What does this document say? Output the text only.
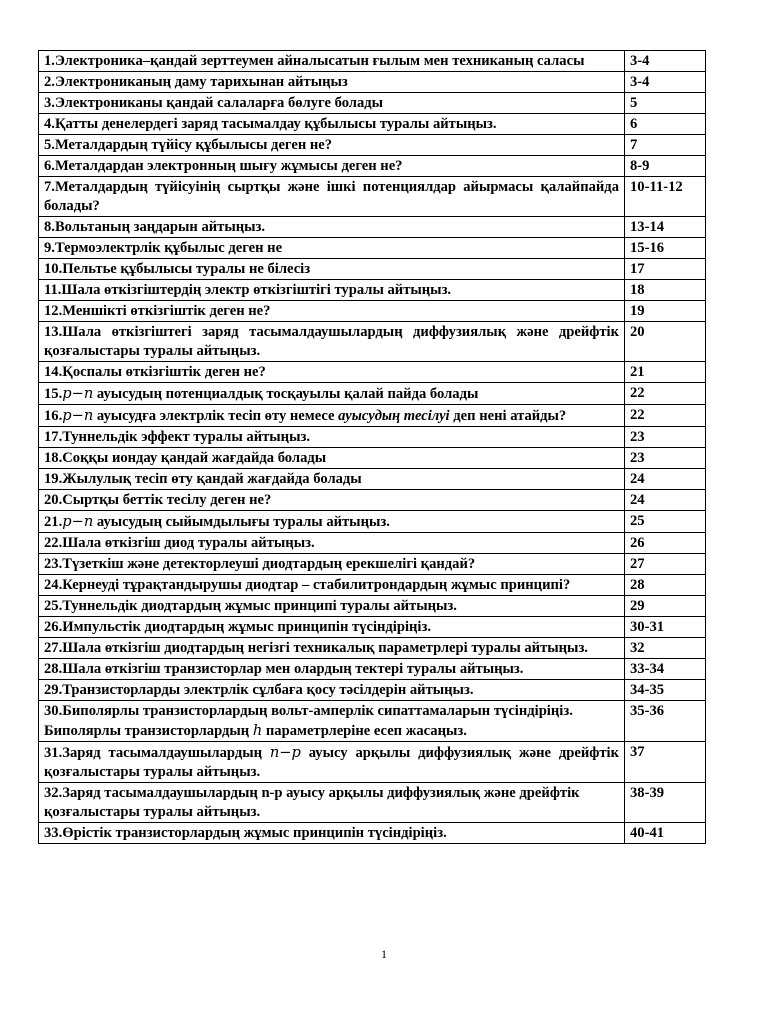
1.Электроника–қандай зерттеумен айналысатын ғылым мен техниканың саласы	3-4
2.Электрониканың даму тарихынан айтыңыз	3-4
3.Электрониканы қандай салаларға бөлуге болады	5
4.Қатты денелердегі заряд тасымалдау құбылысы туралы айтыңыз.	6
5.Металдардың түйісу құбылысы деген не?	7
6.Металдардан электронның шығу жұмысы деген не?	8-9
7.Металдардың түйісуінің сыртқы және ішкі потенциялдар айырмасы қалайпайда болады?	10-11-12
8.Вольтаның заңдарын айтыңыз.	13-14
9.Термоэлектрлік құбылыс деген не	15-16
10.Пельтье құбылысы туралы не білесіз	17
11.Шала өткізгіштердің электр өткізгіштігі туралы айтыңыз.	18
12.Меншікті өткізгіштік деген не?	19
13.Шала өткізгіштегі заряд тасымалдаушылардың диффузиялық және дрейфтік қозғалыстары туралы айтыңыз.	20
14.Қоспалы өткізгіштік деген не?	21
15.p−n ауысудың потенциалдық тосқауылы қалай пайда болады	22
16.p−n ауысудға электрлік тесіп өту немесе ауысудың тесілуі деп нені атайды?	22
17.Туннельдік эффект туралы айтыңыз.	23
18.Соққы иондау қандай жағдайда болады	23
19.Жылулық тесіп өту қандай жағдайда болады	24
20.Сыртқы беттік тесілу деген не?	24
21.p−n ауысудың сыйымдылығы туралы айтыңыз.	25
22.Шала өткізгіш диод туралы айтыңыз.	26
23.Түзеткіш және детекторлеуші диодтардың ерекшелігі қандай?	27
24.Кернеуді тұрақтандырушы диодтар – стабилитрондардың жұмыс принципі?	28
25.Туннельдік диодтардың жұмыс принципі туралы айтыңыз.	29
26.Импульстік диодтардың жұмыс принципін түсіндіріңіз.	30-31
27.Шала өткізгіш диодтардың негізгі техникалық параметрлері туралы айтыңыз.	32
28.Шала өткізгіш транзисторлар мен олардың тектері туралы айтыңыз.	33-34
29.Транзисторларды электрлік сұлбаға қосу тәсілдерін айтыңыз.	34-35

30.Биполярлы транзисторлардың вольт-амперлік сипаттамаларын түсіндіріңіз.
Биполярлы транзисторлардың h параметрлеріне есеп жасаңыз.	35-36
31.Заряд тасымалдаушылардың n−p ауысу арқылы диффузиялық және дрейфтік қозғалыстары туралы айтыңыз.	37
32.Заряд тасымалдаушылардың n-p ауысу арқылы диффузиялық және дрейфтік қозғалыстары туралы айтыңыз.	38-39
33.Өрістік транзисторлардың жұмыс принципін түсіндіріңіз.	40-41
1
